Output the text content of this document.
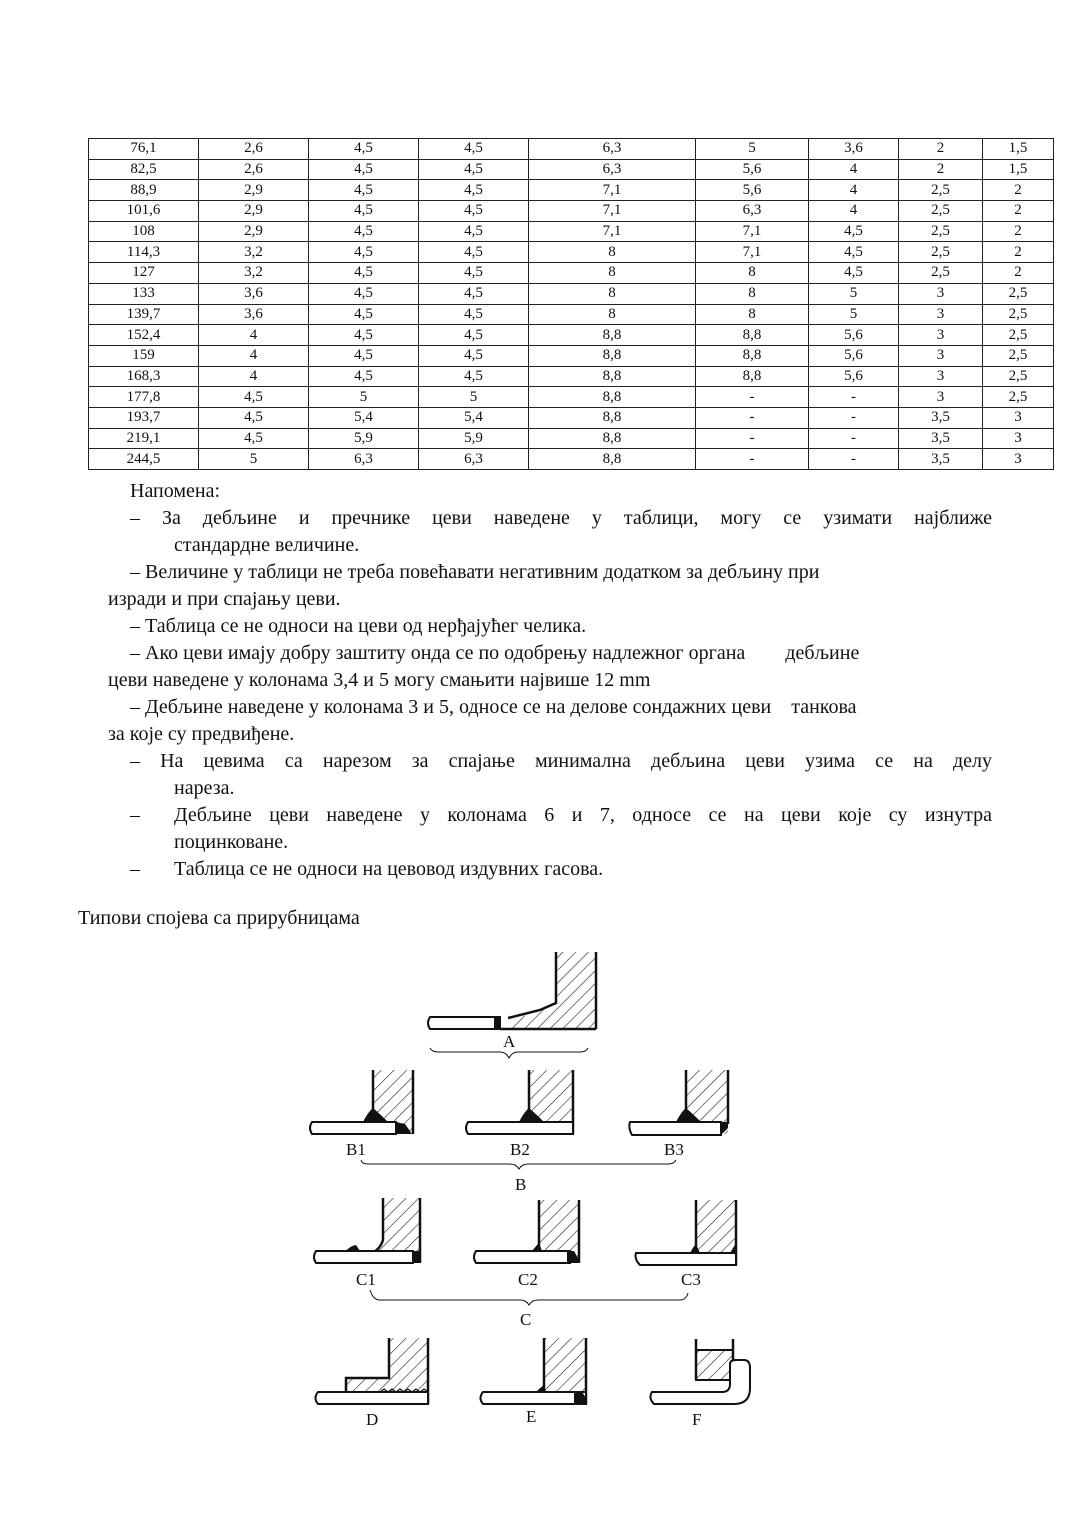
76,1	2,6	4,5	4,5	6,3	5	3,6	2	1,5
82,5	2,6	4,5	4,5	6,3	5,6	4	2	1,5
88,9	2,9	4,5	4,5	7,1	5,6	4	2,5	2
101,6	2,9	4,5	4,5	7,1	6,3	4	2,5	2
108	2,9	4,5	4,5	7,1	7,1	4,5	2,5	2
114,3	3,2	4,5	4,5	8	7,1	4,5	2,5	2
127	3,2	4,5	4,5	8	8	4,5	2,5	2
133	3,6	4,5	4,5	8	8	5	3	2,5
139,7	3,6	4,5	4,5	8	8	5	3	2,5
152,4	4	4,5	4,5	8,8	8,8	5,6	3	2,5
159	4	4,5	4,5	8,8	8,8	5,6	3	2,5
168,3	4	4,5	4,5	8,8	8,8	5,6	3	2,5
177,8	4,5	5	5	8,8	-	-	3	2,5
193,7	4,5	5,4	5,4	8,8	-	-	3,5	3
219,1	4,5	5,9	5,9	8,8	-	-	3,5	3
244,5	5	6,3	6,3	8,8	-	-	3,5	3

Напомена:

– За дебљине и пречнике цеви наведене у таблици, могу се узимати најближе

стандардне величине.

– Величине у таблици не треба повећавати негативним додатком за дебљину при

изради и при спајању цеви.

– Таблица се не односи на цеви од нерђајућег челика.

– Ако цеви имају добру заштиту онда се по одобрењу надлежног органа        дебљине

цеви наведене у колонама 3,4 и 5 могу смањити највише 12 mm

– Дебљине наведене у колонама 3 и 5, односе се на делове сондажних цеви    танкова

за које су предвиђене.

– На цевима са нарезом за спајање минимална дебљина цеви узима се на делу

нареза.

–	Дебљине цеви наведене у колонама 6 и 7, односе се на цеви које су изнутра
поцинковане.
–	Таблица се не односи на цевовод издувних гасова.
Типови спојева са прирубницама
A
B1	B2	B3
B
C1	C2	C3
C
D	E	F
